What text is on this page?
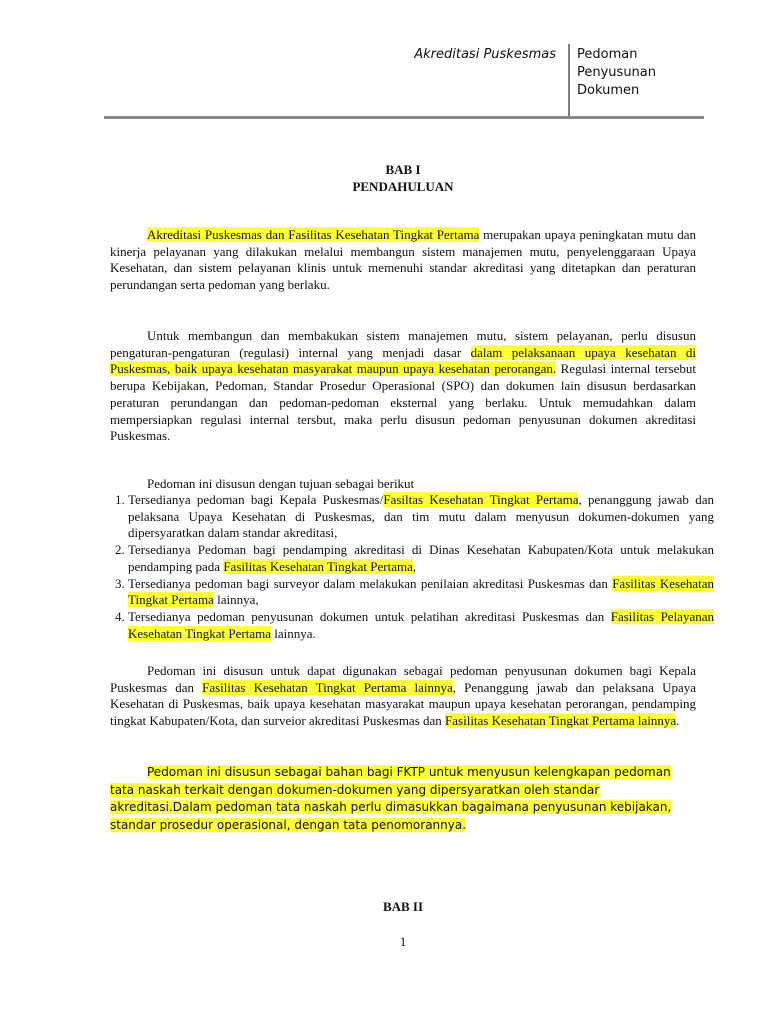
Akreditasi Puskesmas Pedoman
Penyusunan
Dokumen
BAB I
PENDAHULUAN

Akreditasi Puskesmas dan Fasilitas Kesehatan Tingkat Pertama merupakan upaya peningkatan mutu dan kinerja pelayanan yang dilakukan melalui membangun sistem manajemen mutu, penyelenggaraan Upaya Kesehatan, dan sistem pelayanan klinis untuk memenuhi standar akreditasi yang ditetapkan dan peraturan perundangan serta pedoman yang berlaku.

Untuk membangun dan membakukan sistem manajemen mutu, sistem pelayanan, perlu disusun pengaturan-pengaturan (regulasi) internal yang menjadi dasar dalam pelaksanaan upaya kesehatan di Puskesmas, baik upaya kesehatan masyarakat maupun upaya kesehatan perorangan. Regulasi internal tersebut berupa Kebijakan, Pedoman, Standar Prosedur Operasional (SPO) dan dokumen lain disusun berdasarkan peraturan perundangan dan pedoman-pedoman eksternal yang berlaku. Untuk memudahkan dalam mempersiapkan regulasi internal tersbut, maka perlu disusun pedoman penyusunan dokumen akreditasi Puskesmas.

Pedoman ini disusun dengan tujuan sebagai berikut

1. Tersedianya pedoman bagi Kepala Puskesmas/Fasiltas Kesehatan Tingkat Pertama, penanggung jawab dan pelaksana Upaya Kesehatan di Puskesmas, dan tim mutu dalam menyusun dokumen-dokumen yang dipersyaratkan dalam standar akreditasi,
2. Tersedianya Pedoman bagi pendamping akreditasi di Dinas Kesehatan Kabupaten/Kota untuk melakukan pendamping pada Fasilitas Kesehatan Tingkat Pertama,
3. Tersedianya pedoman bagi surveyor dalam melakukan penilaian akreditasi Puskesmas dan Fasilitas Kesehatan Tingkat Pertama lainnya,
4. Tersedianya pedoman penyusunan dokumen untuk pelatihan akreditasi Puskesmas dan Fasilitas Pelayanan Kesehatan Tingkat Pertama lainnya.

Pedoman ini disusun untuk dapat digunakan sebagai pedoman penyusunan dokumen bagi Kepala Puskesmas dan Fasilitas Kesehatan Tingkat Pertama lainnya, Penanggung jawab dan pelaksana Upaya Kesehatan di Puskesmas, baik upaya kesehatan masyarakat maupun upaya kesehatan perorangan, pendamping tingkat Kabupaten/Kota, dan surveior akreditasi Puskesmas dan Fasilitas Kesehatan Tingkat Pertama lainnya.

Pedoman ini disusun sebagai bahan bagi FKTP untuk menyusun kelengkapan pedoman
tata naskah terkait dengan dokumen-dokumen yang dipersyaratkan oleh standar
akreditasi.Dalam pedoman tata naskah perlu dimasukkan bagaimana penyusunan kebijakan,
standar prosedur operasional, dengan tata penomorannya.
BAB II
1
